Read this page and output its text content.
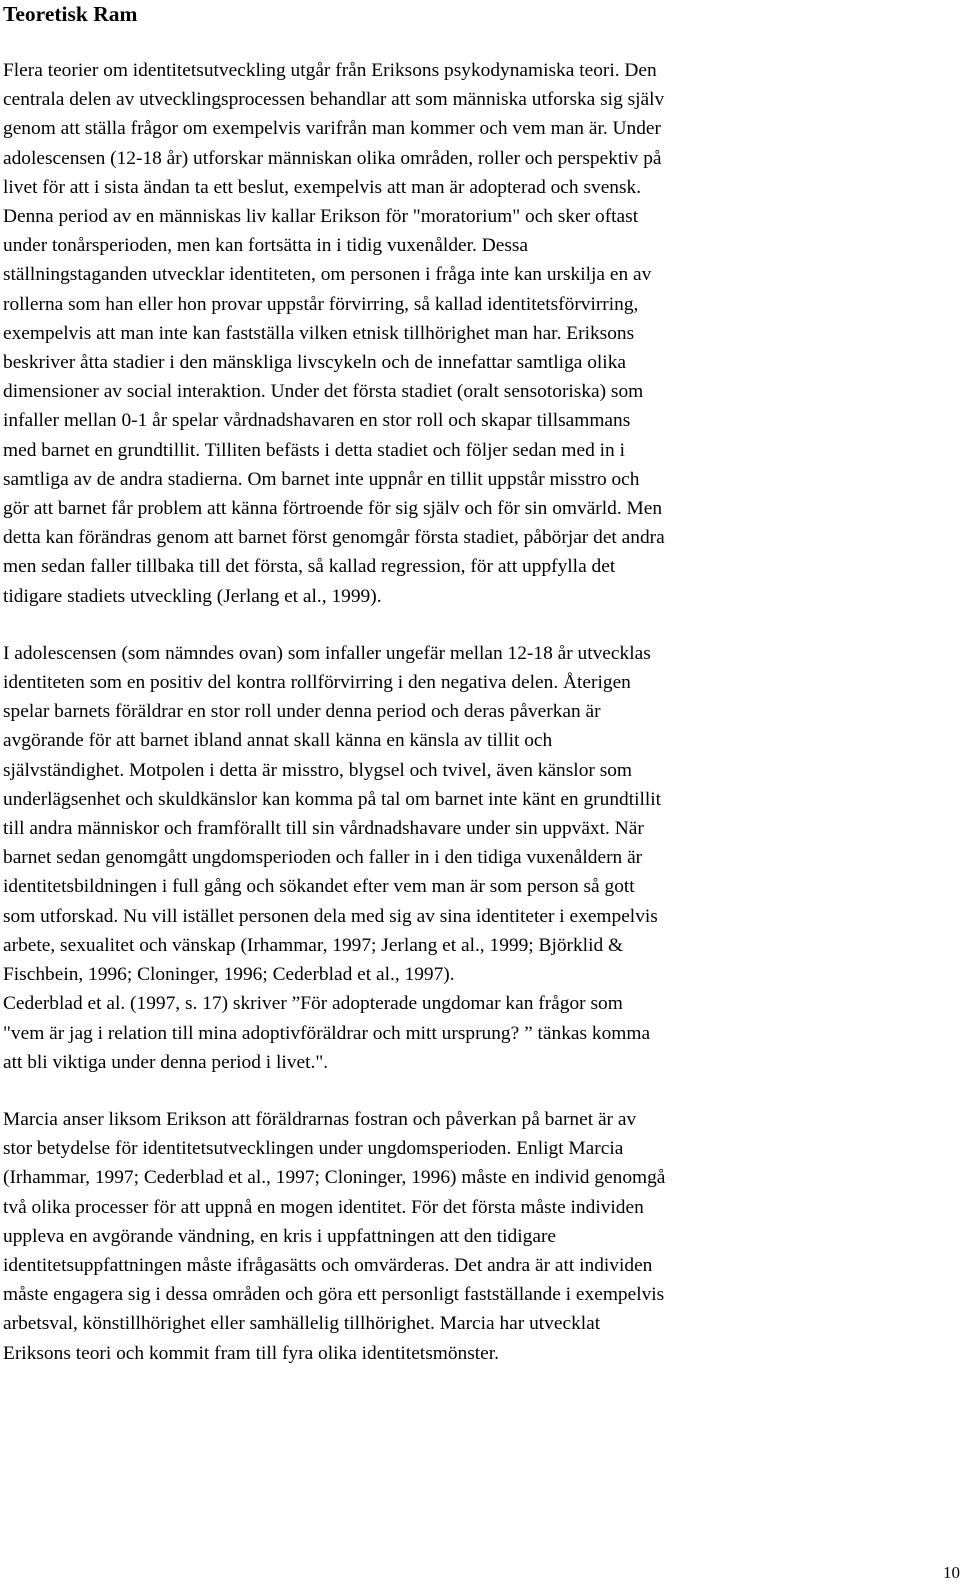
Teoretisk Ram

Flera teorier om identitetsutveckling utgår från Eriksons psykodynamiska teori. Den
centrala delen av utvecklingsprocessen behandlar att som människa utforska sig själv
genom att ställa frågor om exempelvis varifrån man kommer och vem man är. Under
adolescensen (12-18 år) utforskar människan olika områden, roller och perspektiv på
livet för att i sista ändan ta ett beslut, exempelvis att man är adopterad och svensk.
Denna period av en människas liv kallar Erikson för "moratorium" och sker oftast
under tonårsperioden, men kan fortsätta in i tidig vuxenålder. Dessa
ställningstaganden utvecklar identiteten, om personen i fråga inte kan urskilja en av
rollerna som han eller hon provar uppstår förvirring, så kallad identitetsförvirring,
exempelvis att man inte kan fastställa vilken etnisk tillhörighet man har. Eriksons
beskriver åtta stadier i den mänskliga livscykeln och de innefattar samtliga olika
dimensioner av social interaktion. Under det första stadiet (oralt sensotoriska) som
infaller mellan 0-1 år spelar vårdnadshavaren en stor roll och skapar tillsammans
med barnet en grundtillit. Tilliten befästs i detta stadiet och följer sedan med in i
samtliga av de andra stadierna. Om barnet inte uppnår en tillit uppstår misstro och
gör att barnet får problem att känna förtroende för sig själv och för sin omvärld. Men
detta kan förändras genom att barnet först genomgår första stadiet, påbörjar det andra
men sedan faller tillbaka till det första, så kallad regression, för att uppfylla det
tidigare stadiets utveckling (Jerlang et al., 1999).

I adolescensen (som nämndes ovan) som infaller ungefär mellan 12-18 år utvecklas
identiteten som en positiv del kontra rollförvirring i den negativa delen. Återigen
spelar barnets föräldrar en stor roll under denna period och deras påverkan är
avgörande för att barnet ibland annat skall känna en känsla av tillit och
självständighet. Motpolen i detta är misstro, blygsel och tvivel, även känslor som
underlägsenhet och skuldkänslor kan komma på tal om barnet inte känt en grundtillit
till andra människor och framförallt till sin vårdnadshavare under sin uppväxt. När
barnet sedan genomgått ungdomsperioden och faller in i den tidiga vuxenåldern är
identitetsbildningen i full gång och sökandet efter vem man är som person så gott
som utforskad. Nu vill istället personen dela med sig av sina identiteter i exempelvis
arbete, sexualitet och vänskap (Irhammar, 1997; Jerlang et al., 1999; Björklid &
Fischbein, 1996; Cloninger, 1996; Cederblad et al., 1997).
Cederblad et al. (1997, s. 17) skriver ”För adopterade ungdomar kan frågor som
"vem är jag i relation till mina adoptivföräldrar och mitt ursprung? ” tänkas komma
att bli viktiga under denna period i livet.".

Marcia anser liksom Erikson att föräldrarnas fostran och påverkan på barnet är av
stor betydelse för identitetsutvecklingen under ungdomsperioden. Enligt Marcia
(Irhammar, 1997; Cederblad et al., 1997; Cloninger, 1996) måste en individ genomgå
två olika processer för att uppnå en mogen identitet. För det första måste individen
uppleva en avgörande vändning, en kris i uppfattningen att den tidigare
identitetsuppfattningen måste ifrågasätts och omvärderas. Det andra är att individen
måste engagera sig i dessa områden och göra ett personligt fastställande i exempelvis
arbetsval, könstillhörighet eller samhällelig tillhörighet. Marcia har utvecklat
Eriksons teori och kommit fram till fyra olika identitetsmönster.

10
